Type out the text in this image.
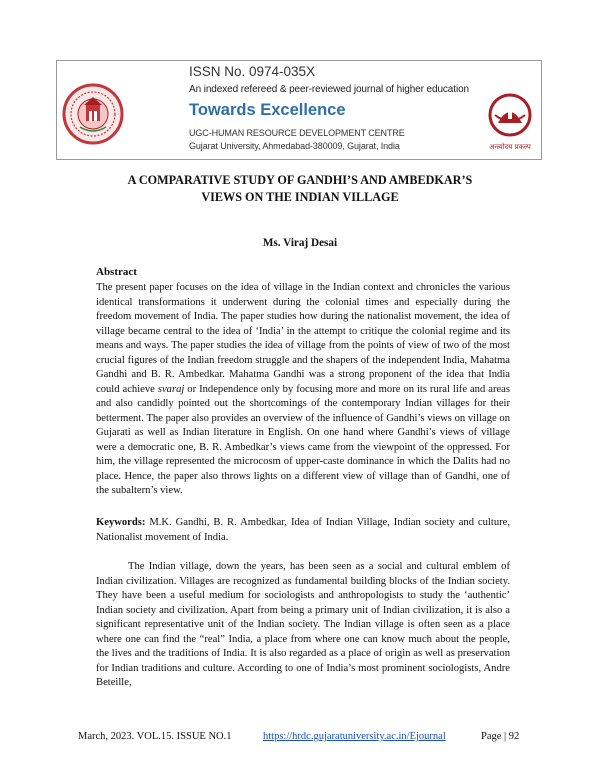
ISSN No. 0974-035X
An indexed refereed & peer-reviewed journal of higher education
Towards Excellence
UGC-HUMAN RESOURCE DEVELOPMENT CENTRE
Gujarat University, Ahmedabad-380009, Gujarat, India	अन्त्योदय प्रकल्प
A COMPARATIVE STUDY OF GANDHI’S AND AMBEDKAR’S
VIEWS ON THE INDIAN VILLAGE
Ms. Viraj Desai
Abstract
The present paper focuses on the idea of village in the Indian context and chronicles the various identical transformations it underwent during the colonial times and especially during the freedom movement of India. The paper studies how during the nationalist movement, the idea of village became central to the idea of ‘India’ in the attempt to critique the colonial regime and its means and ways. The paper studies the idea of village from the points of view of two of the most crucial figures of the Indian freedom struggle and the shapers of the independent India, Mahatma Gandhi and B. R. Ambedkar. Mahatma Gandhi was a strong proponent of the idea that India could achieve svaraj or Independence only by focusing more and more on its rural life and areas and also candidly pointed out the shortcomings of the contemporary Indian villages for their betterment. The paper also provides an overview of the influence of Gandhi’s views on village on Gujarati as well as Indian literature in English. On one hand where Gandhi’s views of village were a democratic one, B. R. Ambedkar’s views came from the viewpoint of the oppressed. For him, the village represented the microcosm of upper-caste dominance in which the Dalits had no place. Hence, the paper also throws lights on a different view of village than of Gandhi, one of the subaltern’s view.
Keywords: M.K. Gandhi, B. R. Ambedkar, Idea of Indian Village, Indian society and culture, Nationalist movement of India.
The Indian village, down the years, has been seen as a social and cultural emblem of Indian civilization. Villages are recognized as fundamental building blocks of the Indian society. They have been a useful medium for sociologists and anthropologists to study the ‘authentic’ Indian society and civilization. Apart from being a primary unit of Indian civilization, it is also a significant representative unit of the Indian society. The Indian village is often seen as a place where one can find the “real” India, a place from where one can know much about the people, the lives and the traditions of India. It is also regarded as a place of origin as well as preservation for Indian traditions and culture. According to one of India’s most prominent sociologists, Andre Beteille,
March, 2023. VOL.15. ISSUE NO.1	https://hrdc.gujaratuniversity.ac.in/Ejournal	Page | 92
